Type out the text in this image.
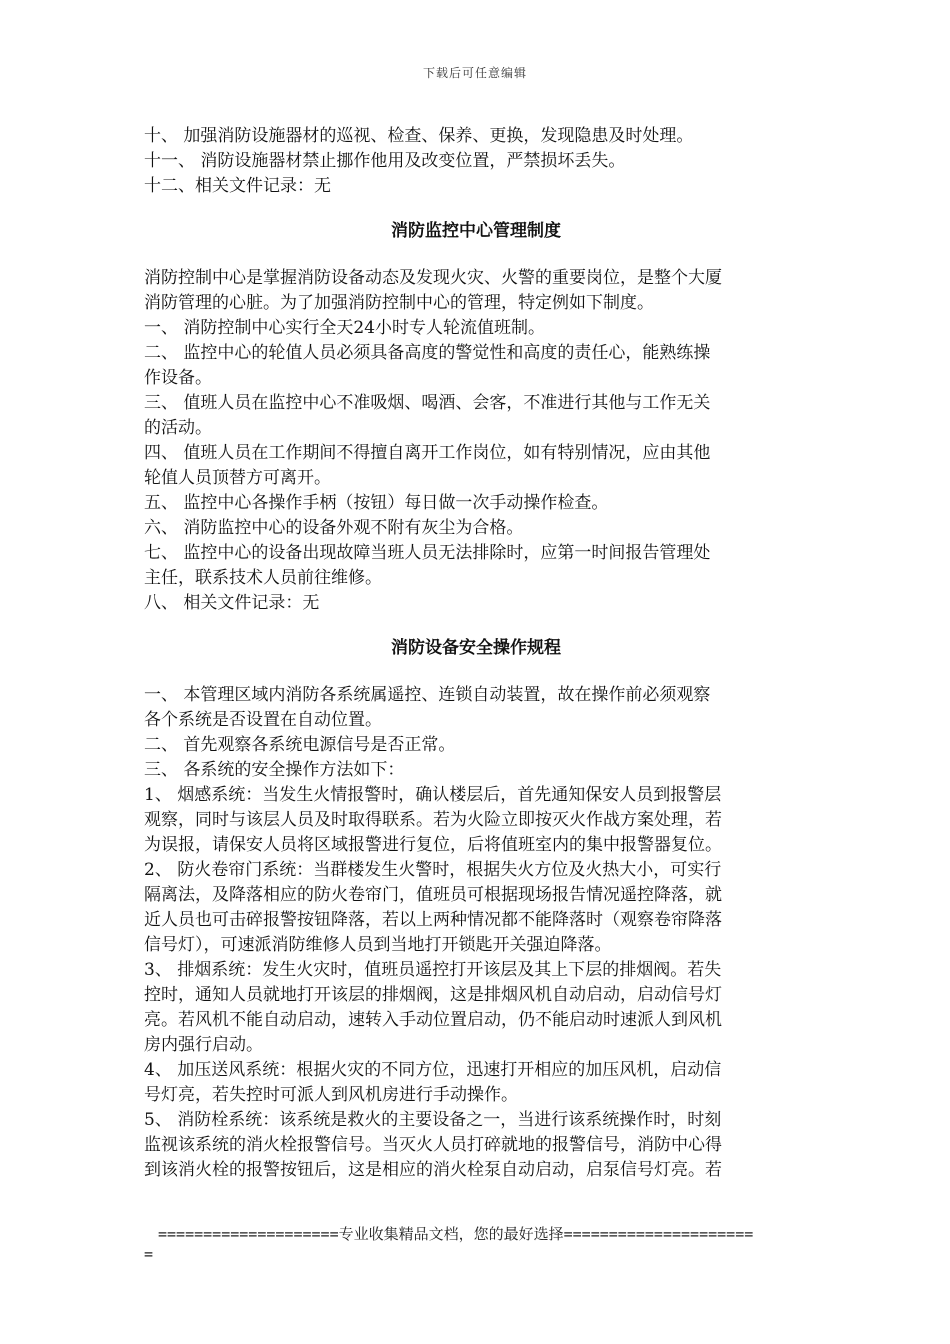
下载后可任意编辑

十、 加强消防设施器材的巡视、检查、保养、更换，发现隐患及时处理。

十一、 消防设施器材禁止挪作他用及改变位置，严禁损坏丢失。

十二、相关文件记录：无

消防监控中心管理制度

消防控制中心是掌握消防设备动态及发现火灾、火警的重要岗位，是整个大厦

消防管理的心脏。为了加强消防控制中心的管理，特定例如下制度。

一、 消防控制中心实行全天24小时专人轮流值班制。

二、 监控中心的轮值人员必须具备高度的警觉性和高度的责任心，能熟练操

作设备。

三、 值班人员在监控中心不准吸烟、喝酒、会客，不准进行其他与工作无关

的活动。

四、 值班人员在工作期间不得擅自离开工作岗位，如有特别情况，应由其他

轮值人员顶替方可离开。

五、 监控中心各操作手柄（按钮）每日做一次手动操作检查。

六、 消防监控中心的设备外观不附有灰尘为合格。

七、 监控中心的设备出现故障当班人员无法排除时，应第一时间报告管理处

主任，联系技术人员前往维修。

八、 相关文件记录：无

消防设备安全操作规程

一、 本管理区域内消防各系统属遥控、连锁自动装置，故在操作前必须观察

各个系统是否设置在自动位置。

二、 首先观察各系统电源信号是否正常。

三、 各系统的安全操作方法如下：

1、 烟感系统：当发生火情报警时，确认楼层后，首先通知保安人员到报警层

观察，同时与该层人员及时取得联系。若为火险立即按灭火作战方案处理，若

为误报，请保安人员将区域报警进行复位，后将值班室内的集中报警器复位。

2、 防火卷帘门系统：当群楼发生火警时，根据失火方位及火热大小，可实行

隔离法，及降落相应的防火卷帘门，值班员可根据现场报告情况遥控降落，就

近人员也可击碎报警按钮降落，若以上两种情况都不能降落时（观察卷帘降落

信号灯），可速派消防维修人员到当地打开锁匙开关强迫降落。

3、 排烟系统：发生火灾时，值班员遥控打开该层及其上下层的排烟阀。若失

控时，通知人员就地打开该层的排烟阀，这是排烟风机自动启动，启动信号灯

亮。若风机不能自动启动，速转入手动位置启动，仍不能启动时速派人到风机

房内强行启动。

4、 加压送风系统：根据火灾的不同方位，迅速打开相应的加压风机，启动信

号灯亮，若失控时可派人到风机房进行手动操作。

5、 消防栓系统：该系统是救火的主要设备之一，当进行该系统操作时，时刻

监视该系统的消火栓报警信号。当灭火人员打碎就地的报警信号，消防中心得

到该消火栓的报警按钮后，这是相应的消火栓泵自动启动，启泵信号灯亮。若

====================专业收集精品文档，您的最好选择=====================
=
